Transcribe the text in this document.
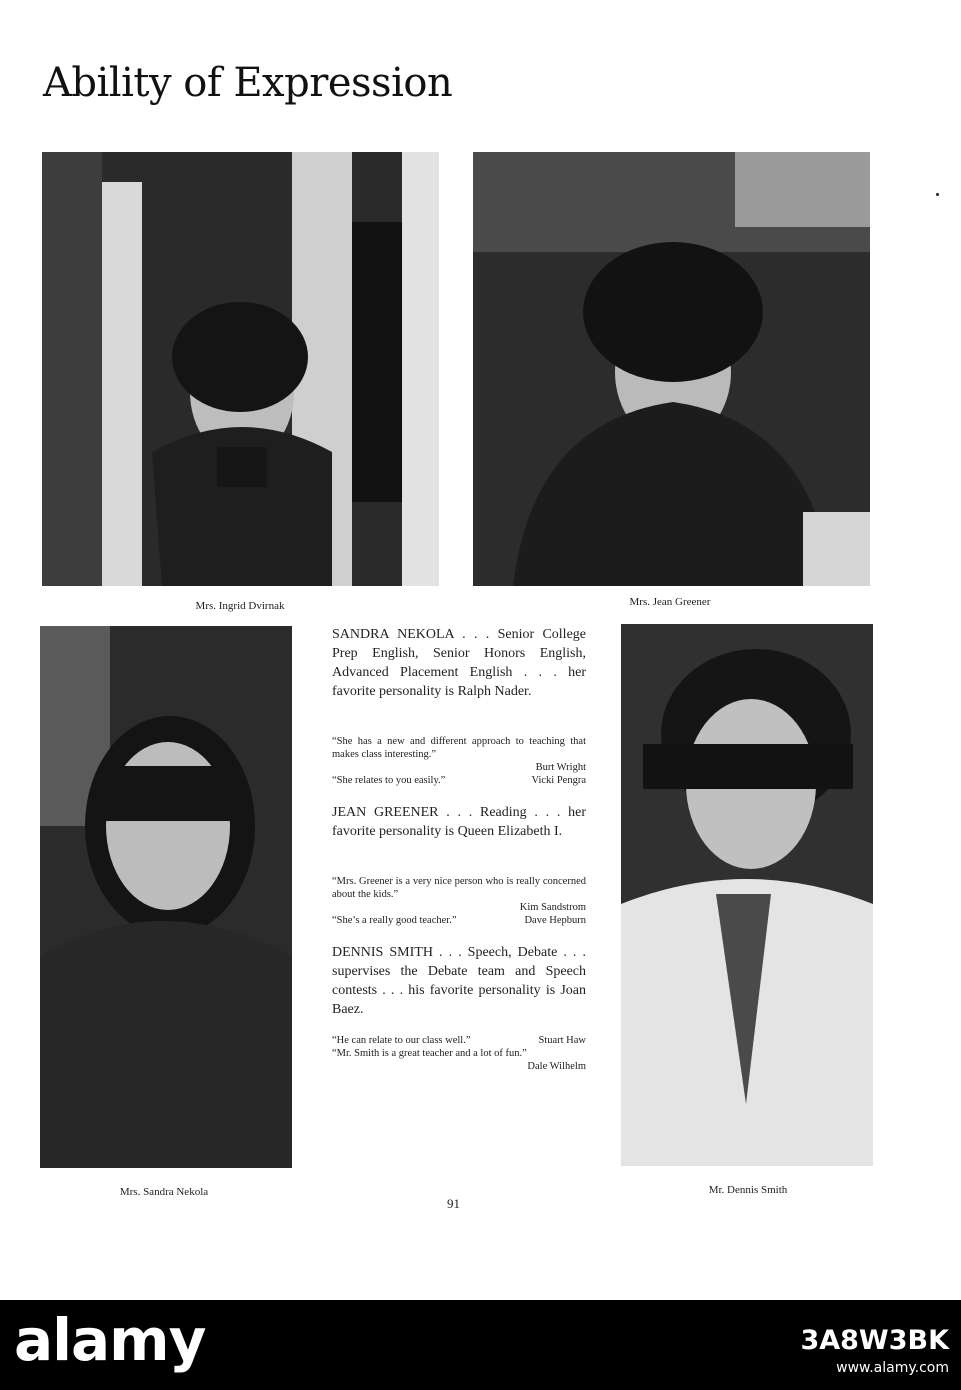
Ability of Expression
Mrs. Ingrid Dvirnak	Mrs. Jean Greener
Mrs. Sandra Nekola	Mr. Dennis Smith

SANDRA NEKOLA . . . Senior College Prep English, Senior Honors English, Advanced Placement English . . . her favorite personality is Ralph Nader.

“She has a new and different approach to teaching that makes class interesting.”
Burt Wright
“She relates to you easily.”	Vicki Pengra

JEAN GREENER . . . Reading . . . her favorite personality is Queen Elizabeth I.

“Mrs. Greener is a very nice person who is really concerned about the kids.”
Kim Sandstrom
“She’s a really good teacher.”	Dave Hepburn

DENNIS SMITH . . . Speech, Debate . . . supervises the Debate team and Speech contests . . . his favorite personality is Joan Baez.

“He can relate to our class well.”	Stuart Haw
“Mr. Smith is a great teacher and a lot of fun.”
Dale Wilhelm
91
alamy	3A8W3BK
www.alamy.com
